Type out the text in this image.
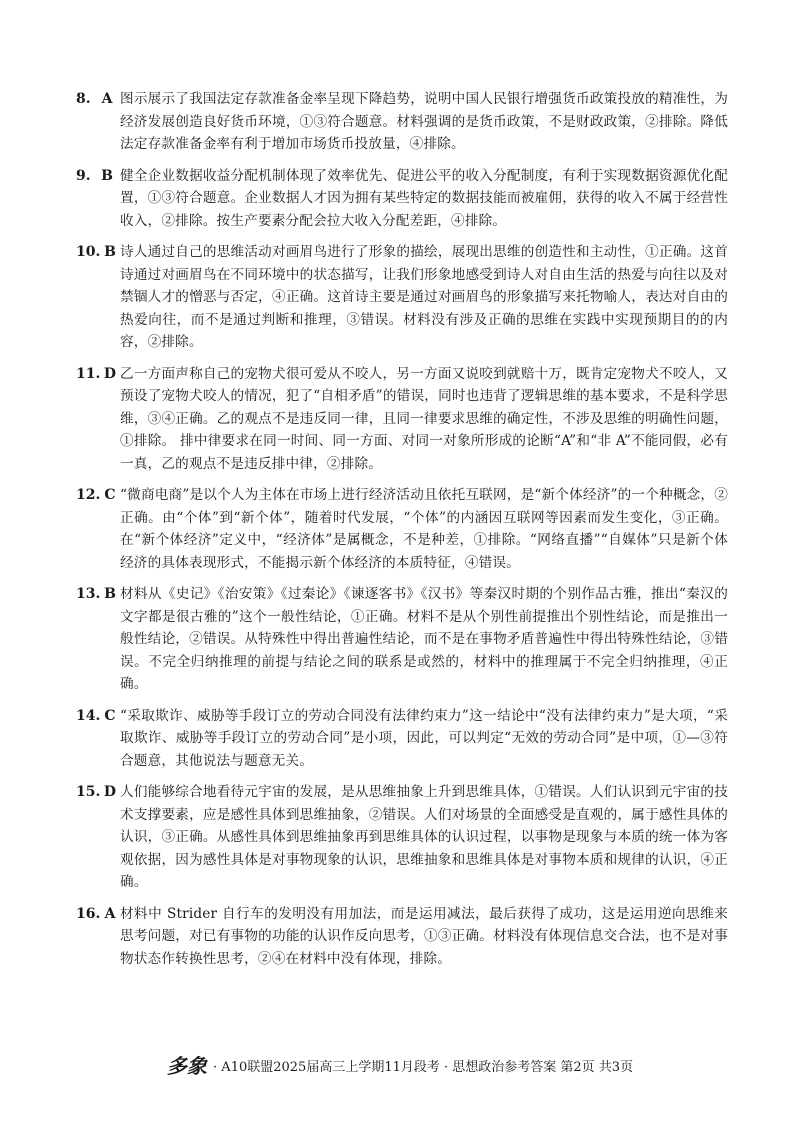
8. A 图示展示了我国法定存款准备金率呈现下降趋势，说明中国人民银行增强货币政策投放的精准性，为经济发展创造良好货币环境，①③符合题意。材料强调的是货币政策，不是财政政策，②排除。降低法定存款准备金率有利于增加市场货币投放量，④排除。
9. B 健全企业数据收益分配机制体现了效率优先、促进公平的收入分配制度，有利于实现数据资源优化配置，①③符合题意。企业数据人才因为拥有某些特定的数据技能而被雇佣，获得的收入不属于经营性收入，②排除。按生产要素分配会拉大收入分配差距，④排除。
10. B 诗人通过自己的思维活动对画眉鸟进行了形象的描绘，展现出思维的创造性和主动性，①正确。这首诗通过对画眉鸟在不同环境中的状态描写，让我们形象地感受到诗人对自由生活的热爱与向往以及对禁锢人才的憎恶与否定，④正确。这首诗主要是通过对画眉鸟的形象描写来托物喻人，表达对自由的热爱向往，而不是通过判断和推理，③错误。材料没有涉及正确的思维在实践中实现预期目的的内容，②排除。
11. D 乙一方面声称自己的宠物犬很可爱从不咬人，另一方面又说咬到就赔十万，既肯定宠物犬不咬人，又预设了宠物犬咬人的情况，犯了“自相矛盾”的错误，同时也违背了逻辑思维的基本要求，不是科学思维，③④正确。乙的观点不是违反同一律，且同一律要求思维的确定性，不涉及思维的明确性问题，①排除。 排中律要求在同一时间、同一方面、对同一对象所形成的论断“A”和“非 A”不能同假，必有一真，乙的观点不是违反排中律，②排除。
12. C “微商电商”是以个人为主体在市场上进行经济活动且依托互联网，是“新个体经济”的一个种概念，②正确。由“个体”到“新个体”，随着时代发展，“个体”的内涵因互联网等因素而发生变化，③正确。在“新个体经济”定义中，“经济体”是属概念，不是种差，①排除。“网络直播”“自媒体”只是新个体经济的具体表现形式，不能揭示新个体经济的本质特征，④错误。
13. B 材料从《史记》《治安策》《过秦论》《谏逐客书》《汉书》等秦汉时期的个别作品古雅，推出“秦汉的文字都是很古雅的”这个一般性结论，①正确。材料不是从个别性前提推出个别性结论，而是推出一般性结论，②错误。从特殊性中得出普遍性结论，而不是在事物矛盾普遍性中得出特殊性结论，③错误。不完全归纳推理的前提与结论之间的联系是或然的，材料中的推理属于不完全归纳推理，④正确。
14. C “采取欺诈、威胁等手段订立的劳动合同没有法律约束力”这一结论中“没有法律约束力”是大项，“采取欺诈、威胁等手段订立的劳动合同”是小项，因此，可以判定“无效的劳动合同”是中项，①—③符合题意，其他说法与题意无关。
15. D 人们能够综合地看待元宇宙的发展，是从思维抽象上升到思维具体，①错误。人们认识到元宇宙的技术支撑要素，应是感性具体到思维抽象，②错误。人们对场景的全面感受是直观的，属于感性具体的认识，③正确。从感性具体到思维抽象再到思维具体的认识过程，以事物是现象与本质的统一体为客观依据，因为感性具体是对事物现象的认识，思维抽象和思维具体是对事物本质和规律的认识，④正确。
16. A 材料中 Strider 自行车的发明没有用加法，而是运用减法，最后获得了成功，这是运用逆向思维来思考问题，对已有事物的功能的认识作反向思考，①③正确。材料没有体现信息交合法，也不是对事物状态作转换性思考，②④在材料中没有体现，排除。
多象 · A10联盟2025届高三上学期11月段考 · 思想政治参考答案 第2页 共3页
